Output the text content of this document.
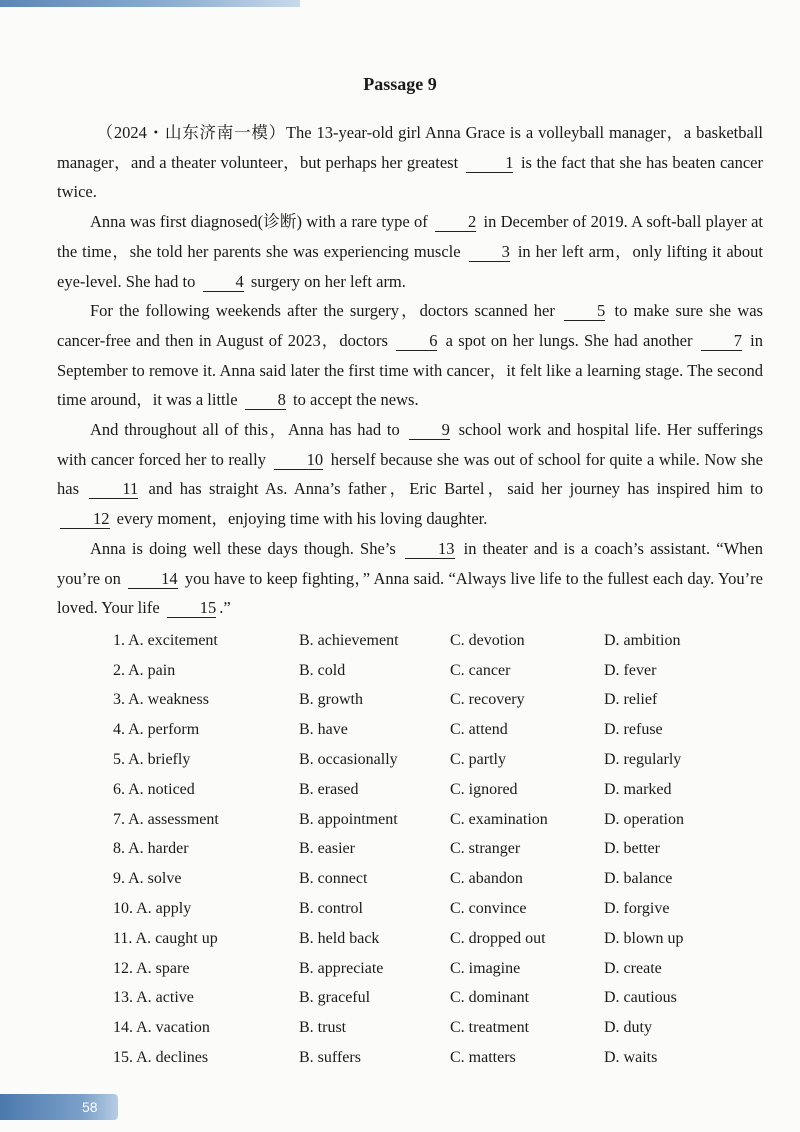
Passage 9

（2024・山东济南一模）The 13-year-old girl Anna Grace is a volleyball manager，a basketball manager，and a theater volunteer，but perhaps her greatest	1 is the fact that she has beaten cancer twice.

Anna was first diagnosed(诊断) with a rare type of 2 in December of 2019. A soft-ball player at the time，she told her parents she was experiencing muscle 3 in her left arm，only lifting it about eye-level. She had to 4 surgery on her left arm.

For the following weekends after the surgery，doctors scanned her 5 to make sure she was cancer-free and then in August of 2023，doctors 6 a spot on her lungs. She had another 7 in September to remove it. Anna said later the first time with cancer，it felt like a learning stage. The second time around，it was a little 8 to accept the news.

And throughout all of this，Anna has had to 9 school work and hospital life. Her sufferings with cancer forced her to really 10 herself because she was out of school for quite a while. Now she has 11 and has straight As. Anna’s father，Eric Bartel，said her journey has inspired him to 12 every moment，enjoying time with his loving daughter.

Anna is doing well these days though. She’s 13 in theater and is a coach’s assistant. “When you’re on 14 you have to keep fighting，” Anna said. “Always live life to the fullest each day. You’re loved. Your life 15 .”

1. A. excitement	B. achievement	C. devotion	D. ambition
2. A. pain	B. cold	C. cancer	D. fever
3. A. weakness	B. growth	C. recovery	D. relief
4. A. perform	B. have	C. attend	D. refuse
5. A. briefly	B. occasionally	C. partly	D. regularly
6. A. noticed	B. erased	C. ignored	D. marked
7. A. assessment	B. appointment	C. examination	D. operation
8. A. harder	B. easier	C. stranger	D. better
9. A. solve	B. connect	C. abandon	D. balance
10. A. apply	B. control	C. convince	D. forgive
11. A. caught up	B. held back	C. dropped out	D. blown up
12. A. spare	B. appreciate	C. imagine	D. create
13. A. active	B. graceful	C. dominant	D. cautious
14. A. vacation	B. trust	C. treatment	D. duty
15. A. declines	B. suffers	C. matters	D. waits
58
